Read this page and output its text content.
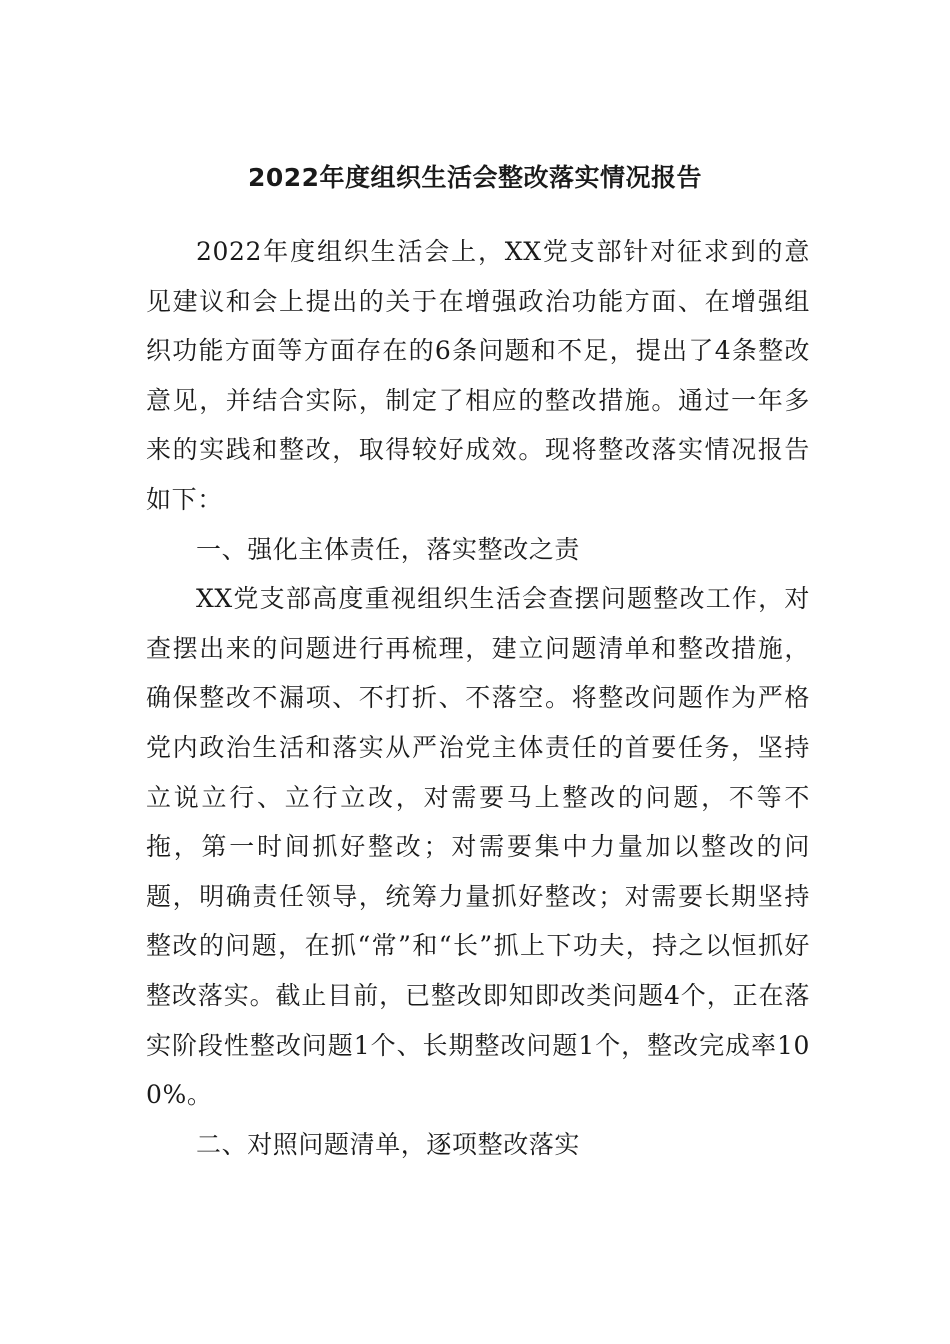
2022年度组织生活会整改落实情况报告

2022年度组织生活会上，XX党支部针对征求到的意见建议和会上提出的关于在增强政治功能方面、在增强组织功能方面等方面存在的6条问题和不足，提出了4条整改意见，并结合实际，制定了相应的整改措施。通过一年多来的实践和整改，取得较好成效。现将整改落实情况报告如下：

一、强化主体责任，落实整改之责

XX党支部高度重视组织生活会查摆问题整改工作，对查摆出来的问题进行再梳理，建立问题清单和整改措施，确保整改不漏项、不打折、不落空。将整改问题作为严格党内政治生活和落实从严治党主体责任的首要任务，坚持立说立行、立行立改，对需要马上整改的问题，不等不拖，第一时间抓好整改；对需要集中力量加以整改的问题，明确责任领导，统筹力量抓好整改；对需要长期坚持整改的问题，在抓“常”和“长”抓上下功夫，持之以恒抓好整改落实。截止目前，已整改即知即改类问题4个，正在落实阶段性整改问题1个、长期整改问题1个，整改完成率100%。

二、对照问题清单，逐项整改落实
